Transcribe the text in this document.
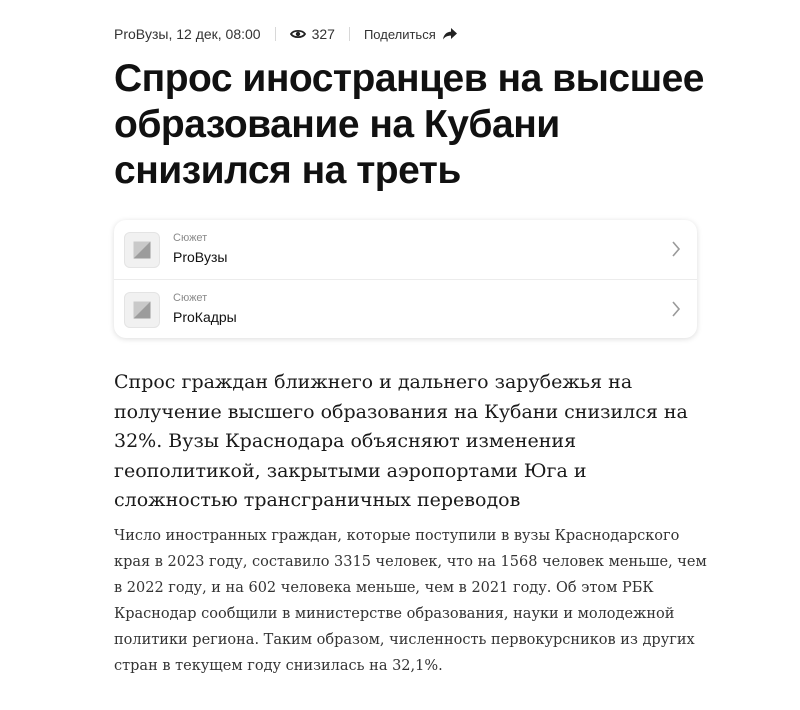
ProВузы, 12 дек, 08:00	327 Поделиться
Спрос иностранцев на высшее образование на Кубани снизился на треть
Сюжет
ProВузы
Сюжет
ProКадры

Спрос граждан ближнего и дальнего зарубежья на получение высшего образования на Кубани снизился на 32%. Вузы Краснодара объясняют изменения геополитикой, закрытыми аэропортами Юга и сложностью трансграничных переводов

Число иностранных граждан, которые поступили в вузы Краснодарского края в 2023 году, составило 3315 человек, что на 1568 человек меньше, чем в 2022 году, и на 602 человека меньше, чем в 2021 году. Об этом РБК Краснодар сообщили в министерстве образования, науки и молодежной политики региона. Таким образом, численность первокурсников из других стран в текущем году снизилась на 32,1%.
